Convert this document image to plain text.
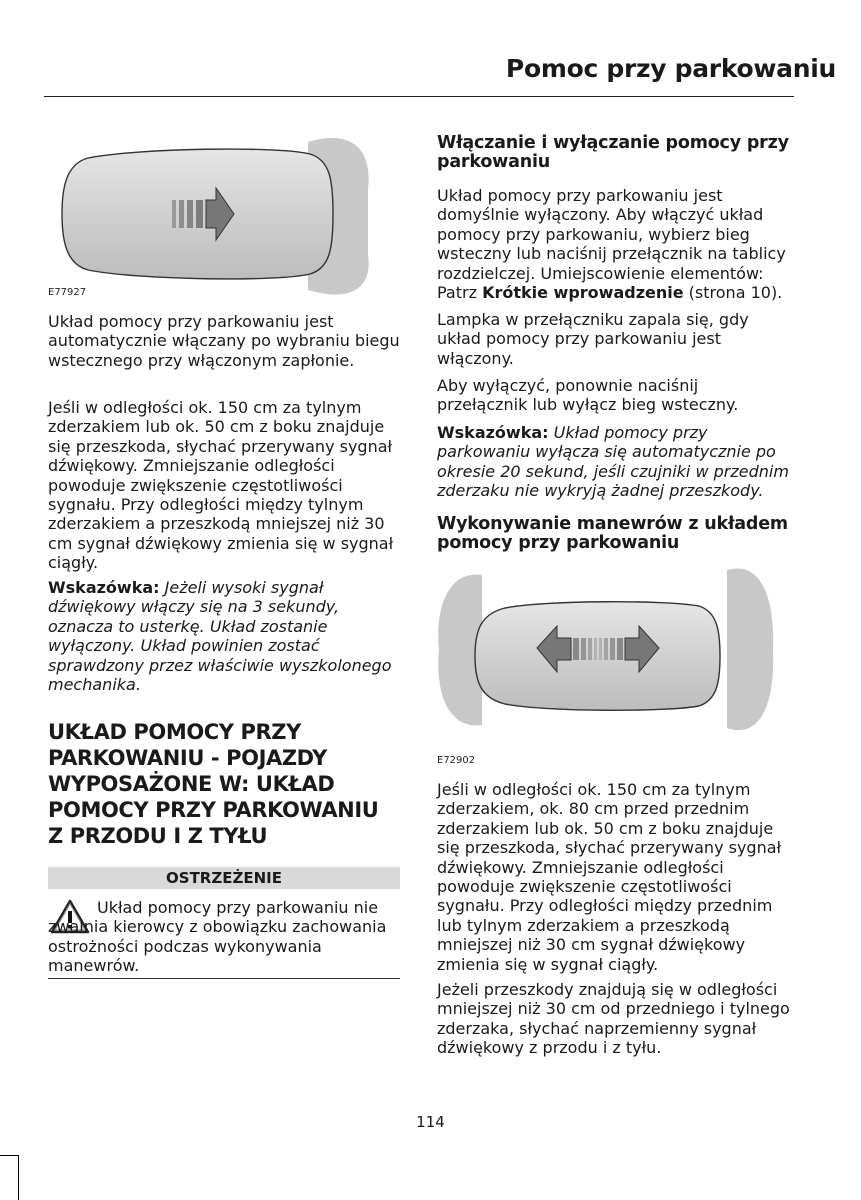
Pomoc przy parkowaniu
E77927

Układ pomocy przy parkowaniu jest automatycznie włączany po wybraniu biegu wstecznego przy włączonym zapłonie.

Jeśli w odległości ok. 150 cm za tylnym zderzakiem lub ok. 50 cm z boku znajduje się przeszkoda, słychać przerywany sygnał dźwiękowy. Zmniejszanie odległości powoduje zwiększenie częstotliwości sygnału. Przy odległości między tylnym zderzakiem a przeszkodą mniejszej niż 30 cm sygnał dźwiękowy zmienia się w sygnał ciągły.

Wskazówka: Jeżeli wysoki sygnał dźwiękowy włączy się na 3 sekundy, oznacza to usterkę. Układ zostanie wyłączony. Układ powinien zostać sprawdzony przez właściwie wyszkolonego mechanika.

UKŁAD POMOCY PRZY PARKOWANIU - POJAZDY WYPOSAŻONE W: UKŁAD POMOCY PRZY PARKOWANIU Z PRZODU I Z TYŁU
OSTRZEŻENIE
Układ pomocy przy parkowaniu nie zwalnia kierowcy z obowiązku zachowania ostrożności podczas wykonywania manewrów.
Włączanie i wyłączanie pomocy przy parkowaniu

Układ pomocy przy parkowaniu jest domyślnie wyłączony. Aby włączyć układ pomocy przy parkowaniu, wybierz bieg wsteczny lub naciśnij przełącznik na tablicy rozdzielczej. Umiejscowienie elementów: Patrz Krótkie wprowadzenie (strona 10).

Lampka w przełączniku zapala się, gdy układ pomocy przy parkowaniu jest włączony.

Aby wyłączyć, ponownie naciśnij przełącznik lub wyłącz bieg wsteczny.

Wskazówka: Układ pomocy przy parkowaniu wyłącza się automatycznie po okresie 20 sekund, jeśli czujniki w przednim zderzaku nie wykryją żadnej przeszkody.

Wykonywanie manewrów z układem pomocy przy parkowaniu
E72902

Jeśli w odległości ok. 150 cm za tylnym zderzakiem, ok. 80 cm przed przednim zderzakiem lub ok. 50 cm z boku znajduje się przeszkoda, słychać przerywany sygnał dźwiękowy. Zmniejszanie odległości powoduje zwiększenie częstotliwości sygnału. Przy odległości między przednim lub tylnym zderzakiem a przeszkodą mniejszej niż 30 cm sygnał dźwiękowy zmienia się w sygnał ciągły.

Jeżeli przeszkody znajdują się w odległości mniejszej niż 30 cm od przedniego i tylnego zderzaka, słychać naprzemienny sygnał dźwiękowy z przodu i z tyłu.

114
